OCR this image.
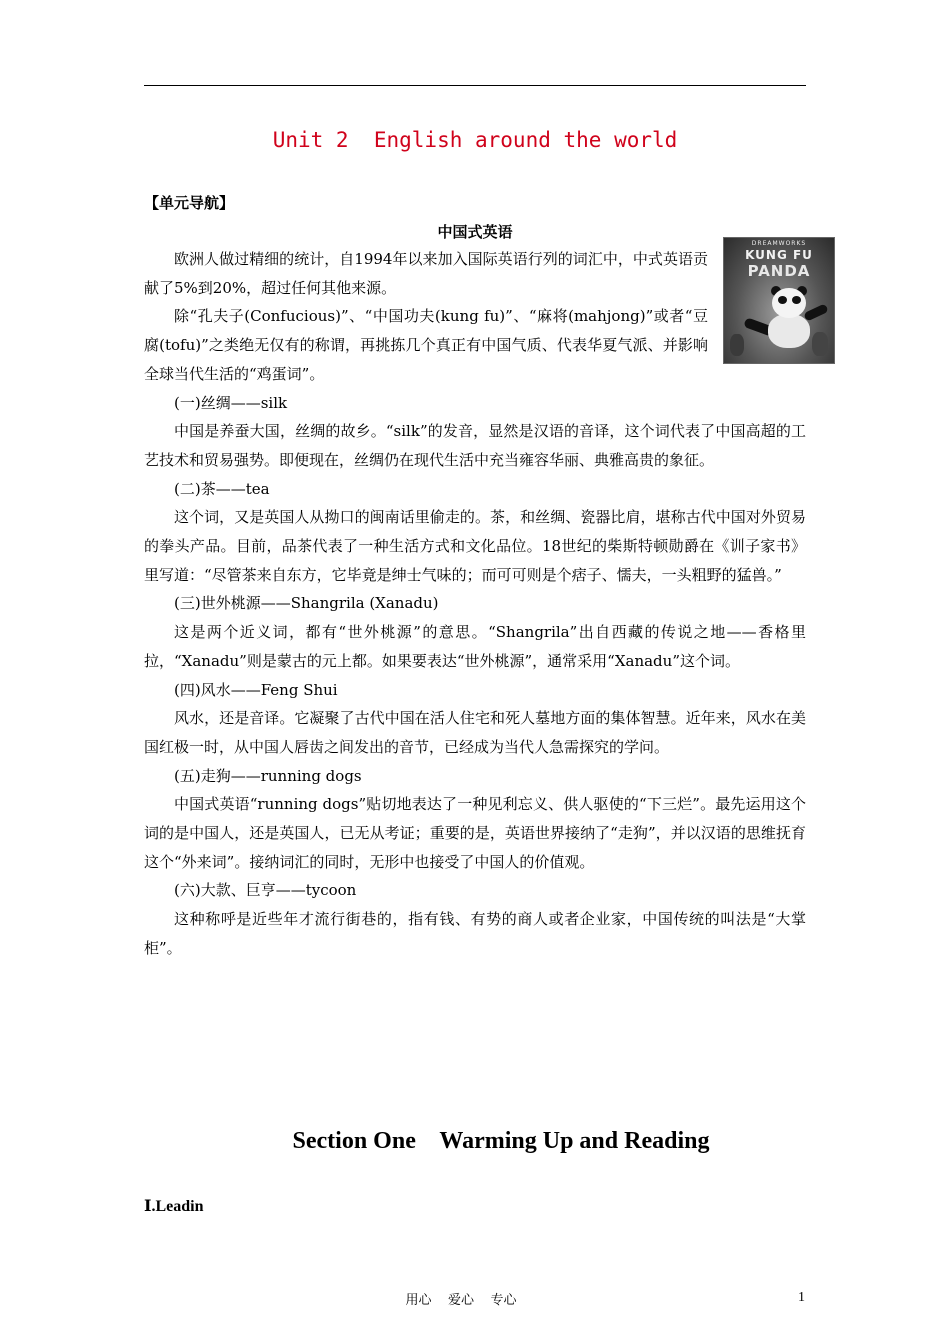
Unit 2  English around the world
【单元导航】
中国式英语
DREAMWORKS
KUNG FU
PANDA

欧洲人做过精细的统计，自1994年以来加入国际英语行列的词汇中，中式英语贡献了5%到20%，超过任何其他来源。

除“孔夫子(Confucious)”、“中国功夫(kung fu)”、“麻将(mahjong)”或者“豆腐(tofu)”之类绝无仅有的称谓，再挑拣几个真正有中国气质、代表华夏气派、并影响全球当代生活的“鸡蛋词”。

(一)丝绸——silk

中国是养蚕大国，丝绸的故乡。“silk”的发音，显然是汉语的音译，这个词代表了中国高超的工艺技术和贸易强势。即便现在，丝绸仍在现代生活中充当雍容华丽、典雅高贵的象征。

(二)茶——tea

这个词，又是英国人从拗口的闽南话里偷走的。茶，和丝绸、瓷器比肩，堪称古代中国对外贸易的拳头产品。目前，品茶代表了一种生活方式和文化品位。18世纪的柴斯特顿勋爵在《训子家书》里写道：“尽管茶来自东方，它毕竟是绅士气味的；而可可则是个痞子、懦夫，一头粗野的猛兽。”

(三)世外桃源——Shangrila (Xanadu)

这是两个近义词，都有“世外桃源”的意思。“Shangrila”出自西藏的传说之地——香格里拉，“Xanadu”则是蒙古的元上都。如果要表达“世外桃源”，通常采用“Xanadu”这个词。

(四)风水——Feng Shui

风水，还是音译。它凝聚了古代中国在活人住宅和死人墓地方面的集体智慧。近年来，风水在美国红极一时，从中国人唇齿之间发出的音节，已经成为当代人急需探究的学问。

(五)走狗——running dogs

中国式英语“running dogs”贴切地表达了一种见利忘义、供人驱使的“下三烂”。最先运用这个词的是中国人，还是英国人，已无从考证；重要的是，英语世界接纳了“走狗”，并以汉语的思维抚育这个“外来词”。接纳词汇的同时，无形中也接受了中国人的价值观。

(六)大款、巨亨——tycoon

这种称呼是近些年才流行街巷的，指有钱、有势的商人或者企业家，中国传统的叫法是“大掌柜”。

Section One    Warming Up and Reading
Ⅰ.Leadin
用心    爱心    专心	1
